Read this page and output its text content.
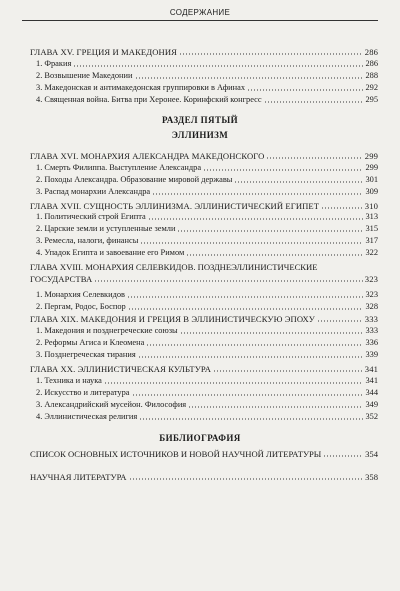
СОДЕРЖАНИЕ
ГЛАВА XV. ГРЕЦИЯ И МАКЕДОНИЯ	286
1. Фракия	286
2. Возвышение Македонии	288
3. Македонская и антимакедонская группировки в Афинах	292
4. Священная война. Битва при Херонее. Коринфский конгресс	295
РАЗДЕЛ ПЯТЫЙ
ЭЛЛИНИЗМ
ГЛАВА XVI. МОНАРХИЯ АЛЕКСАНДРА МАКЕДОНСКОГО	299
1. Смерть Филиппа. Выступление Александра	299
2. Походы Александра. Образование мировой державы	301
3. Распад монархии Александра	309
ГЛАВА XVII. СУЩНОСТЬ ЭЛЛИНИЗМА. ЭЛЛИНИСТИЧЕСКИЙ ЕГИПЕТ	310
1. Политический строй Египта	313
2. Царские земли и уступленные земли	315
3. Ремесла, налоги, финансы	317
4. Упадок Египта и завоевание его Римом	322
ГЛАВА XVIII. МОНАРХИЯ СЕЛЕВКИДОВ. ПОЗДНЕЭЛЛИНИСТИЧЕСКИЕ
ГОСУДАРСТВА	323
1. Монархия Селевкидов	323
2. Пергам, Родос, Боспор	328
ГЛАВА XIX. МАКЕДОНИЯ И ГРЕЦИЯ В ЭЛЛИНИСТИЧЕСКУЮ ЭПОХУ	333
1. Македония и позднегреческие союзы	333
2. Реформы Агиса и Клеомена	336
3. Позднегреческая тирания	339
ГЛАВА XX. ЭЛЛИНИСТИЧЕСКАЯ КУЛЬТУРА	341
1. Техника и наука	341
2. Искусство и литература	344
3. Александрийский мусейон. Философия	349
4. Эллинистическая религия	352
БИБЛИОГРАФИЯ
СПИСОК ОСНОВНЫХ ИСТОЧНИКОВ И НОВОЙ НАУЧНОЙ ЛИТЕРАТУРЫ	354
НАУЧНАЯ ЛИТЕРАТУРА	358
